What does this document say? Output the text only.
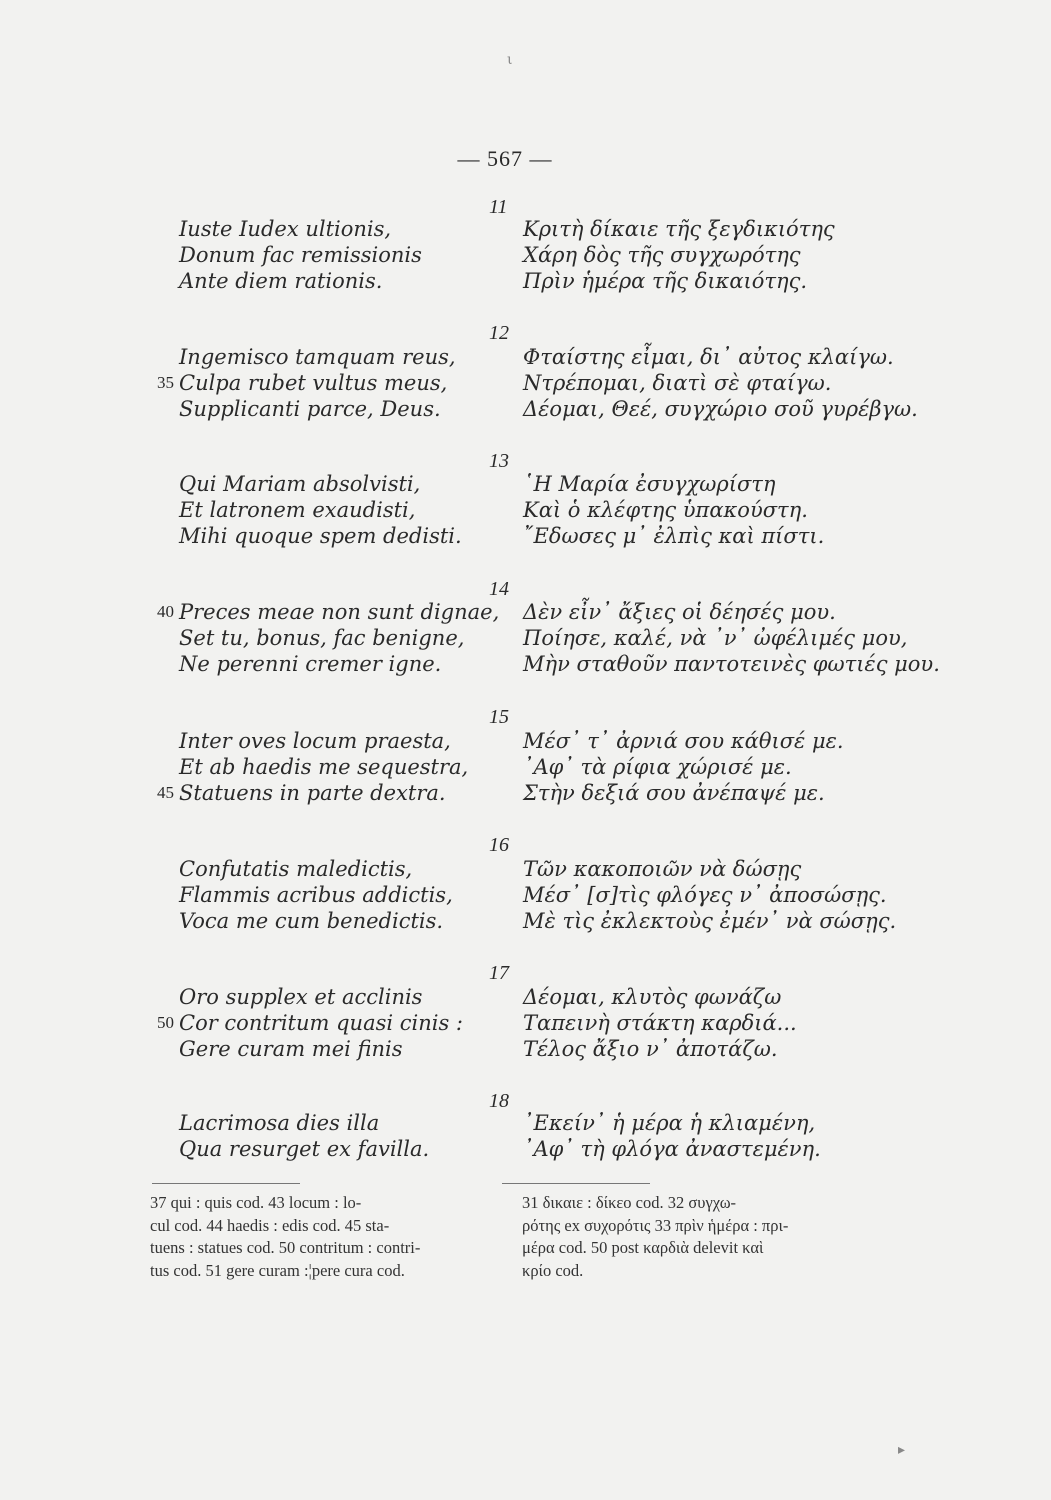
ι
— 567 —
11
Iuste Iudex ultionis,
Donum fac remissionis
Ante diem rationis.
Κριτὴ δίκαιε τῆς ξεγδικιότης
Χάρη δὸς τῆς συγχωρότης
Πρὶν ἡμέρα τῆς δικαιότης.
12
Ingemisco tamquam reus,
35 Culpa rubet vultus meus,
Supplicanti parce, Deus.
Φταίστης εἶμαι, δι᾿ αὐτος κλαίγω.
Ντρέπομαι, διατὶ σὲ φταίγω.
Δέομαι, Θεέ, συγχώριο σοῦ γυρέβγω.
13
Qui Mariam absolvisti,
Et latronem exaudisti,
Mihi quoque spem dedisti.
῾Η Μαρία ἐσυγχωρίστη
Καὶ ὁ κλέφτης ὑπακούστη.
῎Εδωσες μ᾿ ἐλπὶς καὶ πίστι.
14
40 Preces meae non sunt dignae,
Set tu, bonus, fac benigne,
Ne perenni cremer igne.
Δὲν εἶν᾿ ἄξιες οἱ δέησές μου.
Ποίησε, καλέ, νὰ ᾿ν᾿ ὠφέλιμές μου,
Μὴν σταθοῦν παντοτεινὲς φωτιές μου.
15
Inter oves locum praesta,
Et ab haedis me sequestra,
45 Statuens in parte dextra.
Μέσ᾿ τ᾿ ἀρνιά σου κάθισέ με.
᾿Αφ᾿ τὰ ρίφια χώρισέ με.
Στὴν δεξιά σου ἀνέπαψέ με.
16
Confutatis maledictis,
Flammis acribus addictis,
Voca me cum benedictis.
Τῶν κακοποιῶν νὰ δώσῃς
Μέσ᾿ [σ]τὶς φλόγες ν᾿ ἀποσώσῃς.
Μὲ τὶς ἐκλεκτοὺς ἐμέν᾿ νὰ σώσῃς.
17
Oro supplex et acclinis
50 Cor contritum quasi cinis :
Gere curam mei finis
Δέομαι, κλυτὸς φωνάζω
Ταπεινὴ στάκτη καρδιά...
Τέλος ἄξιο ν᾿ ἀποτάζω.
18
Lacrimosa dies illa
Qua resurget ex favilla.
᾿Εκείν᾿ ἡ μέρα ἡ κλιαμένη,
᾿Αφ᾿ τὴ φλόγα ἀναστεμένη.
37 qui : quis cod. 43 locum : lo-
cul cod. 44 haedis : edis cod. 45 sta-
tuens : statues cod. 50 contritum : contri-
tus cod. 51 gere curam :¦pere cura cod.
31 δικαιε : δίκεο cod. 32 συγχω-
ρότης ex συχορότις 33 πρὶν ἡμέρα : πρι-
μέρα cod. 50 post καρδιὰ delevit καὶ
κρίο cod.
▸
